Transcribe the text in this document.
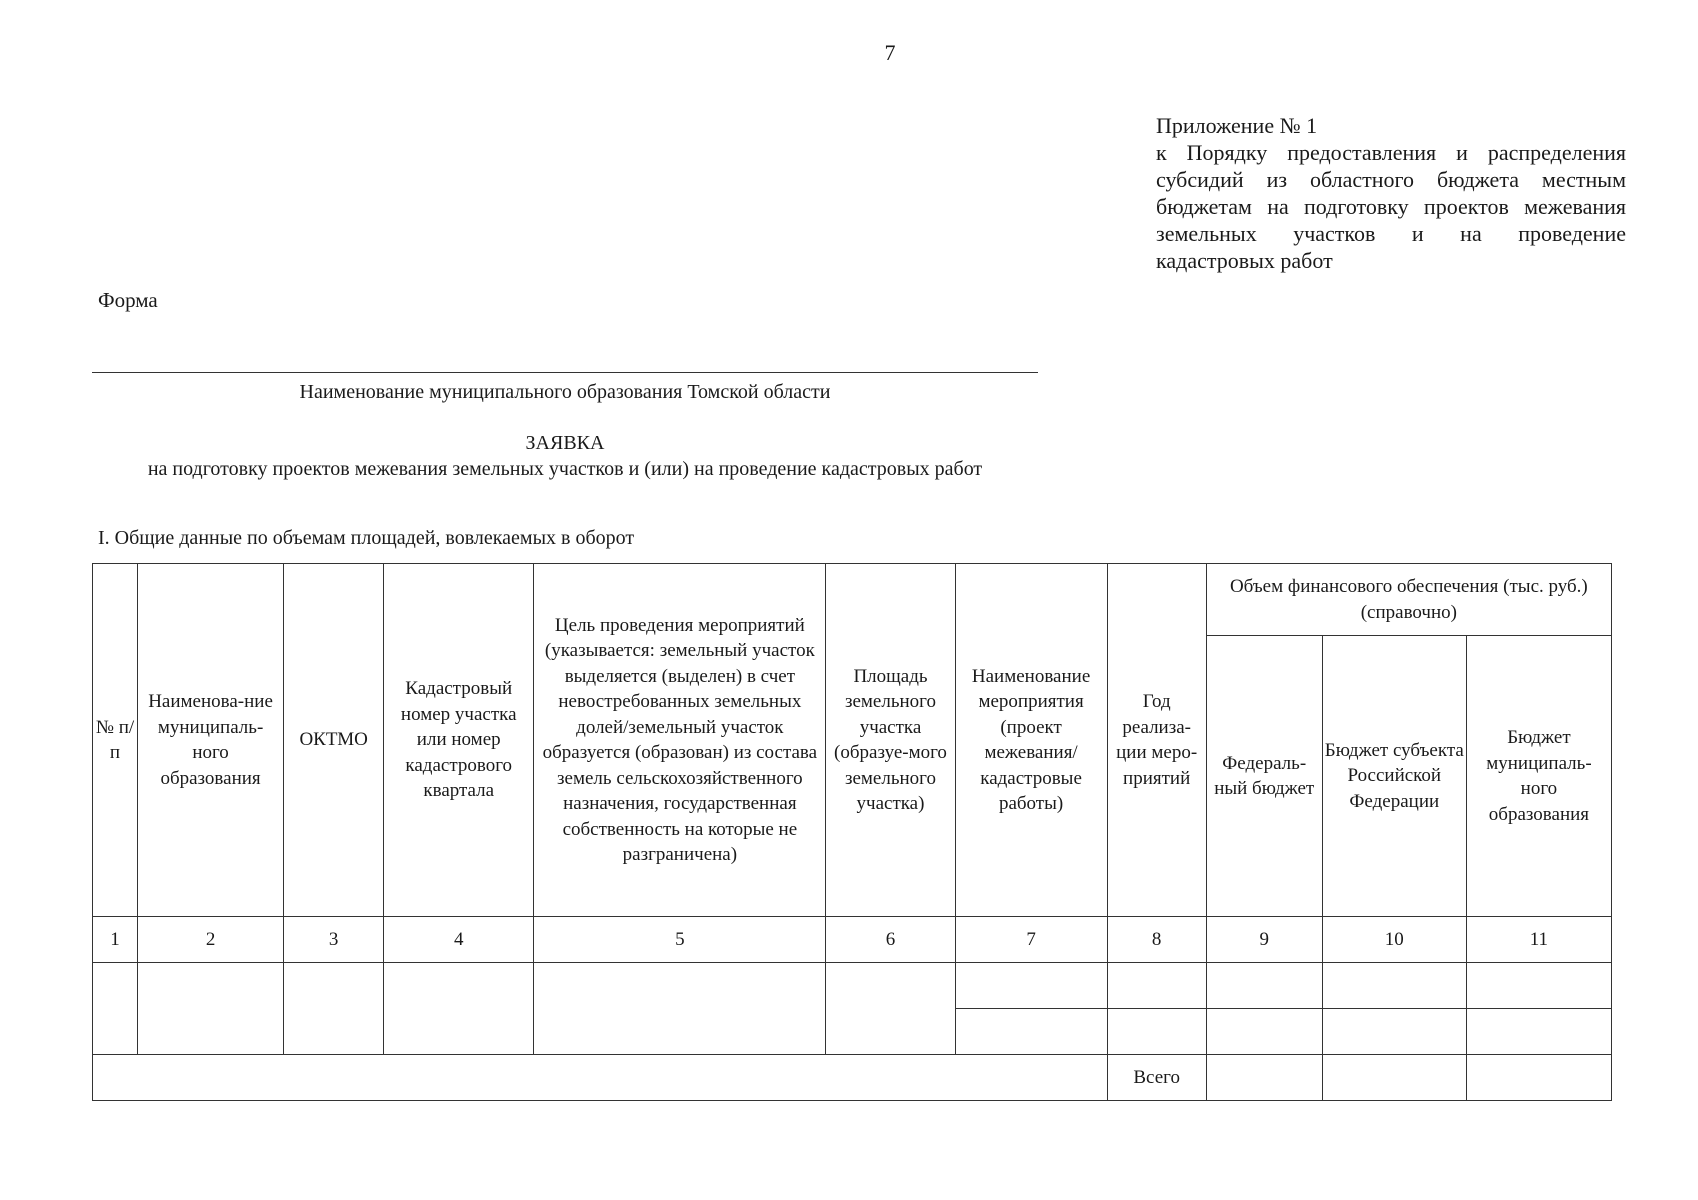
7
Приложение № 1
к Порядку предоставления и распределения субсидий из областного бюджета местным бюджетам на подготовку проектов межевания земельных участков и на проведение кадастровых работ
Форма
Наименование муниципального образования Томской области
ЗАЯВКА
на подготовку проектов межевания земельных участков и (или) на проведение кадастровых работ
I. Общие данные по объемам площадей, вовлекаемых в оборот
№ п/п	Наименова-ние муниципаль-ного образования	ОКТМО	Кадастровый номер участка или номер кадастрового квартала	Цель проведения мероприятий (указывается: земельный участок выделяется (выделен) в счет невостребованных земельных долей/земельный участок образуется (образован) из состава земель сельскохозяйственного назначения, государственная собственность на которые не разграничена)	Площадь земельного участка (образуе-мого земельного участка)	Наименование мероприятия (проект межевания/ кадастровые работы)	Год реализа-ции меро-приятий	Объем финансового обеспечения (тыс. руб.) (справочно)		
								Федераль-ный бюджет	Бюджет субъекта Российской Федерации	Бюджет муниципаль-ного образования
1	2	3	4	5	6	7	8	9	10	11

							Всего			
